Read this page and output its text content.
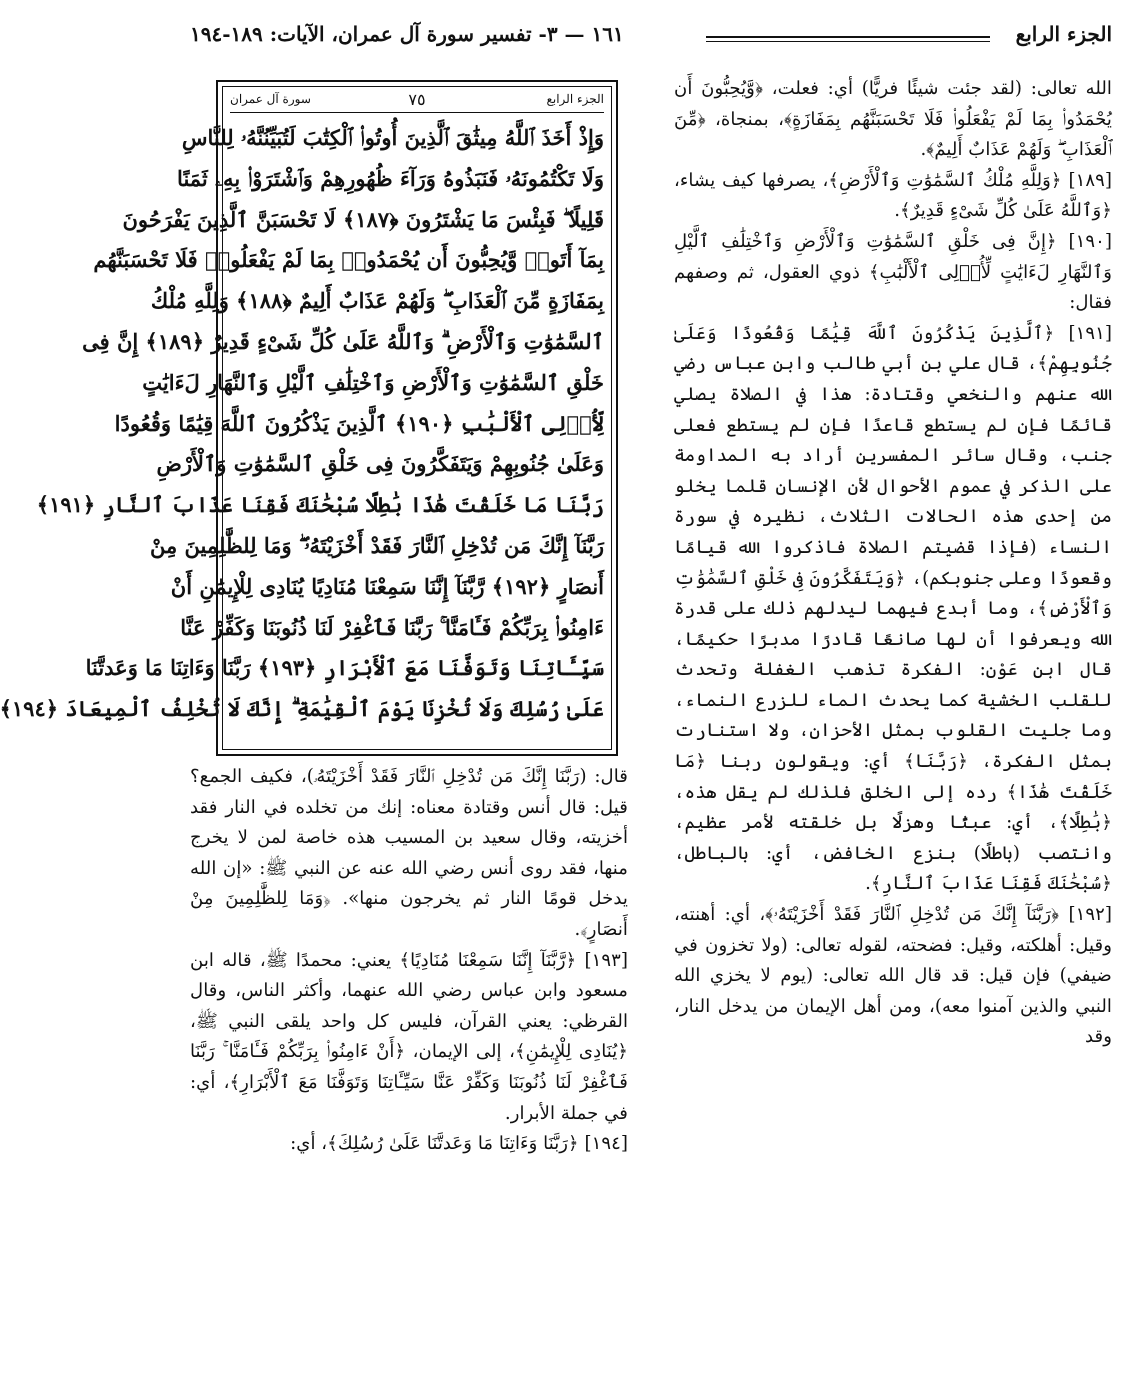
الجزء الرابع
١٦١ — ٣- تفسير سورة آل عمران، الآيات: ١٨٩-١٩٤

الله تعالى: (لقد جئت شيئًا فريًّا) أي: فعلت، ﴿وَّيُحِبُّونَ أَن يُحْمَدُوا۟ بِمَا لَمْ يَفْعَلُوا۟ فَلَا تَحْسَبَنَّهُم بِمَفَازَةٍ﴾، بمنجاة، ﴿مِّنَ ٱلْعَذَابِ ۖ وَلَهُمْ عَذَابٌ أَلِيمٌ﴾.

[١٨٩] ﴿وَلِلَّهِ مُلْكُ ٱلسَّمَٰوَٰتِ وَٱلْأَرْضِ﴾، يصرفها كيف يشاء، ﴿وَٱللَّهُ عَلَىٰ كُلِّ شَىْءٍ قَدِيرٌ﴾.

[١٩٠] ﴿إِنَّ فِى خَلْقِ ٱلسَّمَٰوَٰتِ وَٱلْأَرْضِ وَٱخْتِلَٰفِ ٱلَّيْلِ وَٱلنَّهَارِ لَءَايَٰتٍ لِّأُو۟لِى ٱلْأَلْبَٰبِ﴾ ذوي العقول، ثم وصفهم فقال:

[١٩١] ﴿ٱلَّذِينَ يَذْكُرُونَ ٱللَّهَ قِيَٰمًا وَقُعُودًا وَعَلَىٰ جُنُوبِهِمْ﴾، قال علي بن أبي طالب وابن عباس رضي الله عنهم والنخعي وقتادة: هذا في الصلاة يصلي قائمًا فإن لم يستطع قاعدًا فإن لم يستطع فعلى جنب، وقال سائر المفسرين أراد به المداومة على الذكر في عموم الأحوال لأن الإنسان قلما يخلو من إحدى هذه الحالات الثلاث، نظيره في سورة النساء (فإذا قضيتم الصلاة فاذكروا الله قيامًا وقعودًا وعلى جنوبكم)، ﴿وَيَتَفَكَّرُونَ فِى خَلْقِ ٱلسَّمَٰوَٰتِ وَٱلْأَرْضِ﴾، وما أبدع فيهما ليدلهم ذلك على قدرة الله ويعرفوا أن لها صانعًا قادرًا مدبرًا حكيمًا، قال ابن عَوْن: الفكرة تذهب الغفلة وتحدث للقلب الخشية كما يحدث الماء للزرع النماء، وما جليت القلوب بمثل الأحزان، ولا استنارت بمثل الفكرة، ﴿رَبَّنَا﴾ أي: ويقولون ربنا ﴿مَا خَلَقْتَ هَٰذَا﴾ رده إلى الخلق فلذلك لم يقل هذه، ﴿بَٰطِلًا﴾، أي: عبثًا وهزلًا بل خلقته لأمر عظيم، وانتصب (باطلًا) بنزع الخافض، أي: بالباطل، ﴿سُبْحَٰنَكَ فَقِنَا عَذَابَ ٱلنَّارِ﴾.

[١٩٢] ﴿رَبَّنَآ إِنَّكَ مَن تُدْخِلِ ٱلنَّارَ فَقَدْ أَخْزَيْتَهُۥ﴾، أي: أهنته، وقيل: أهلكته، وقيل: فضحته، لقوله تعالى: (ولا تخزون في ضيفي) فإن قيل: قد قال الله تعالى: (يوم لا يخزي الله النبي والذين آمنوا معه)، ومن أهل الإيمان من يدخل النار، وقد

الجزء الرابع
٧٥
سورة آل عمران
وَإِذْ أَخَذَ ٱللَّهُ مِيثَٰقَ ٱلَّذِينَ أُوتُوا۟ ٱلْكِتَٰبَ لَتُبَيِّنُنَّهُۥ لِلنَّاسِ
وَلَا تَكْتُمُونَهُۥ فَنَبَذُوهُ وَرَآءَ ظُهُورِهِمْ وَٱشْتَرَوْا۟ بِهِۦ ثَمَنًا
قَلِيلًا ۖ فَبِئْسَ مَا يَشْتَرُونَ ﴿١٨٧﴾ لَا تَحْسَبَنَّ ٱلَّذِينَ يَفْرَحُونَ
بِمَآ أَتَوا۟ وَّيُحِبُّونَ أَن يُحْمَدُوا۟ بِمَا لَمْ يَفْعَلُوا۟ فَلَا تَحْسَبَنَّهُم
بِمَفَازَةٍ مِّنَ ٱلْعَذَابِ ۖ وَلَهُمْ عَذَابٌ أَلِيمٌ ﴿١٨٨﴾ وَلِلَّهِ مُلْكُ
ٱلسَّمَٰوَٰتِ وَٱلْأَرْضِ ۗ وَٱللَّهُ عَلَىٰ كُلِّ شَىْءٍ قَدِيرٌ ﴿١٨٩﴾ إِنَّ فِى
خَلْقِ ٱلسَّمَٰوَٰتِ وَٱلْأَرْضِ وَٱخْتِلَٰفِ ٱلَّيْلِ وَٱلنَّهَارِ لَءَايَٰتٍ
لِّأُو۟لِى ٱلْأَلْبَٰبِ ﴿١٩٠﴾ ٱلَّذِينَ يَذْكُرُونَ ٱللَّهَ قِيَٰمًا وَقُعُودًا
وَعَلَىٰ جُنُوبِهِمْ وَيَتَفَكَّرُونَ فِى خَلْقِ ٱلسَّمَٰوَٰتِ وَٱلْأَرْضِ
رَبَّنَا مَا خَلَقْتَ هَٰذَا بَٰطِلًا سُبْحَٰنَكَ فَقِنَا عَذَابَ ٱلنَّارِ ﴿١٩١﴾
رَبَّنَآ إِنَّكَ مَن تُدْخِلِ ٱلنَّارَ فَقَدْ أَخْزَيْتَهُۥ ۖ وَمَا لِلظَّٰلِمِينَ مِنْ
أَنصَارٍ ﴿١٩٢﴾ رَّبَّنَآ إِنَّنَا سَمِعْنَا مُنَادِيًا يُنَادِى لِلْإِيمَٰنِ أَنْ
ءَامِنُوا۟ بِرَبِّكُمْ فَـَٔامَنَّا ۚ رَبَّنَا فَٱغْفِرْ لَنَا ذُنُوبَنَا وَكَفِّرْ عَنَّا
سَيِّـَٔاتِنَا وَتَوَفَّنَا مَعَ ٱلْأَبْرَارِ ﴿١٩٣﴾ رَبَّنَا وَءَاتِنَا مَا وَعَدتَّنَا
عَلَىٰ رُسُلِكَ وَلَا تُخْزِنَا يَوْمَ ٱلْقِيَٰمَةِ ۗ إِنَّكَ لَا تُخْلِفُ ٱلْمِيعَادَ ﴿١٩٤﴾

قال: (رَبَّنَا إِنَّكَ مَن تُدْخِلِ ٱلنَّارَ فَقَدْ أَخْزَيْتَهُۥ)، فكيف الجمع؟ قيل: قال أنس وقتادة معناه: إنك من تخلده في النار فقد أخزيته، وقال سعيد بن المسيب هذه خاصة لمن لا يخرج منها، فقد روى أنس رضي الله عنه عن النبي ﷺ: «إن الله يدخل قومًا النار ثم يخرجون منها». ﴿وَمَا لِلظَّٰلِمِينَ مِنْ أَنصَارٍ﴾.

[١٩٣] ﴿رَّبَّنَآ إِنَّنَا سَمِعْنَا مُنَادِيًا﴾ يعني: محمدًا ﷺ، قاله ابن مسعود وابن عباس رضي الله عنهما، وأكثر الناس، وقال القرظي: يعني القرآن، فليس كل واحد يلقى النبي ﷺ، ﴿يُنَادِى لِلْإِيمَٰنِ﴾، إلى الإيمان، ﴿أَنْ ءَامِنُوا۟ بِرَبِّكُمْ فَـَٔامَنَّا ۚ رَبَّنَا فَٱغْفِرْ لَنَا ذُنُوبَنَا وَكَفِّرْ عَنَّا سَيِّـَٔاتِنَا وَتَوَفَّنَا مَعَ ٱلْأَبْرَارِ﴾، أي: في جملة الأبرار.

[١٩٤] ﴿رَبَّنَا وَءَاتِنَا مَا وَعَدتَّنَا عَلَىٰ رُسُلِكَ﴾، أي:
